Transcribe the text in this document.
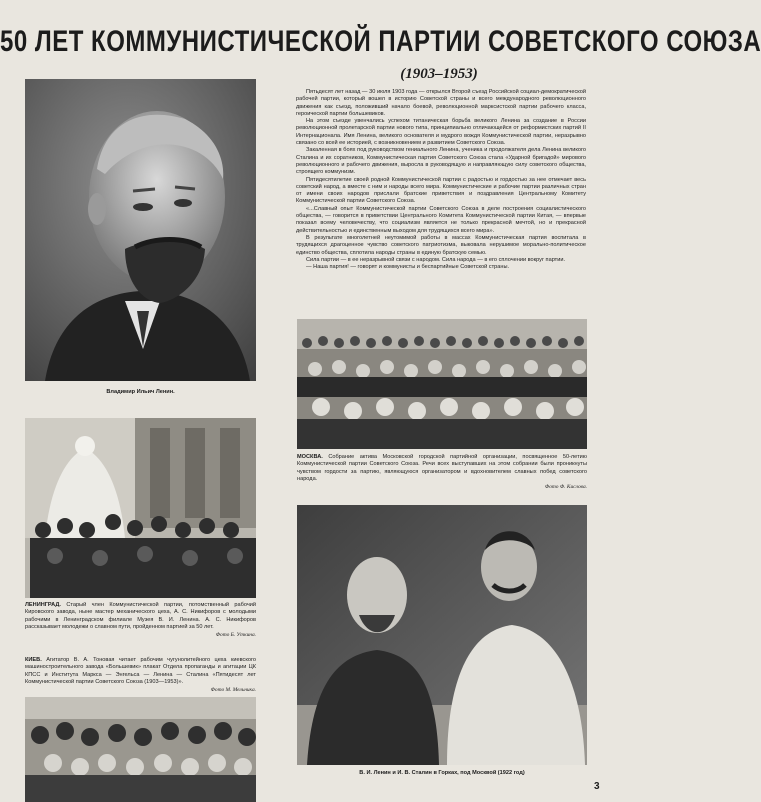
50 ЛЕТ КОММУНИСТИЧЕСКОЙ ПАРТИИ СОВЕТСКОГО СОЮЗА
(1903–1953)
Владимир Ильич Ленин.
ЛЕНИНГРАД. Старый член Коммунистической партии, потомственный рабочий Кировского завода, ныне мастер механического цеха, А. С. Никифоров с молодыми рабочими в Ленинградском филиале Музея В. И. Ленина. А. С. Никифоров рассказывает молодежи о славном пути, пройденном партией за 50 лет.
Фото Б. Уткина.
КИЕВ. Агитатор В. А. Тоновая читает рабочим чугунолитейного цеха киевского машиностроительного завода «Большевик» плакат Отдела пропаганды и агитации ЦК КПСС и Института Маркса — Энгельса — Ленина — Сталина «Пятидесят лет Коммунистической партии Советского Союза (1903—1953)».
Фото М. Мельника.

Пятьдесят лет назад — 30 июля 1903 года — открылся Второй съезд Российской социал-демократической рабочей партии, который вошел в историю Советской страны и всего международного революционного движения как съезд, положивший начало боевой, революционной марксистской партии рабочего класса, героической партии большевиков.

На этом съезде увенчались успехом титаническая борьба великого Ленина за создание в России революционной пролетарской партии нового типа, принципиально отличающейся от реформистских партий II Интернационала. Имя Ленина, великого основателя и мудрого вождя Коммунистической партии, неразрывно связано со всей ее историей, с возникновением и развитием Советского Союза.

Закаленная в боях под руководством гениального Ленина, ученика и продолжателя дела Ленина великого Сталина и их соратников, Коммунистическая партия Советского Союза стала «Ударной бригадой» мирового революционного и рабочего движения, выросла в руководящую и направляющую силу советского общества, строящего коммунизм.

Пятидесятилетие своей родной Коммунистической партии с радостью и гордостью за нее отмечает весь советский народ, а вместе с ним и народы всего мира. Коммунистические и рабочие партии различных стран от имени своих народов прислали братские приветствия и поздравления Центральному Комитету Коммунистической партии Советского Союза.

«...Славный опыт Коммунистической партии Советского Союза в деле построения социалистического общества, — говорится в приветствии Центрального Комитета Коммунистической партии Китая, — впервые показал всему человечеству, что социализм является не только прекрасной мечтой, но и прекрасной действительностью и единственным выходом для трудящихся всего мира».

В результате многолетней неутомимой работы в массах Коммунистическая партия воспитала в трудящихся драгоценное чувство советского патриотизма, выковала нерушимое морально-политическое единство общества, сплотила народы страны в единую братскую семью.

Сила партии — в ее неразрывной связи с народом. Сила народа — в его сплочении вокруг партии.

— Наша партия! — говорят и коммунисты и беспартийные Советской страны.

МОСКВА. Собрание актива Московской городской партийной организации, посвященное 50-летию Коммунистической партии Советского Союза. Речи всех выступавших на этом собрании были проникнуты чувством гордости за партию, являющуюся организатором и вдохновителем славных побед советского народа.
Фото Ф. Кислова.
В. И. Ленин и И. В. Сталин в Горках, под Москвой (1922 год)
3
